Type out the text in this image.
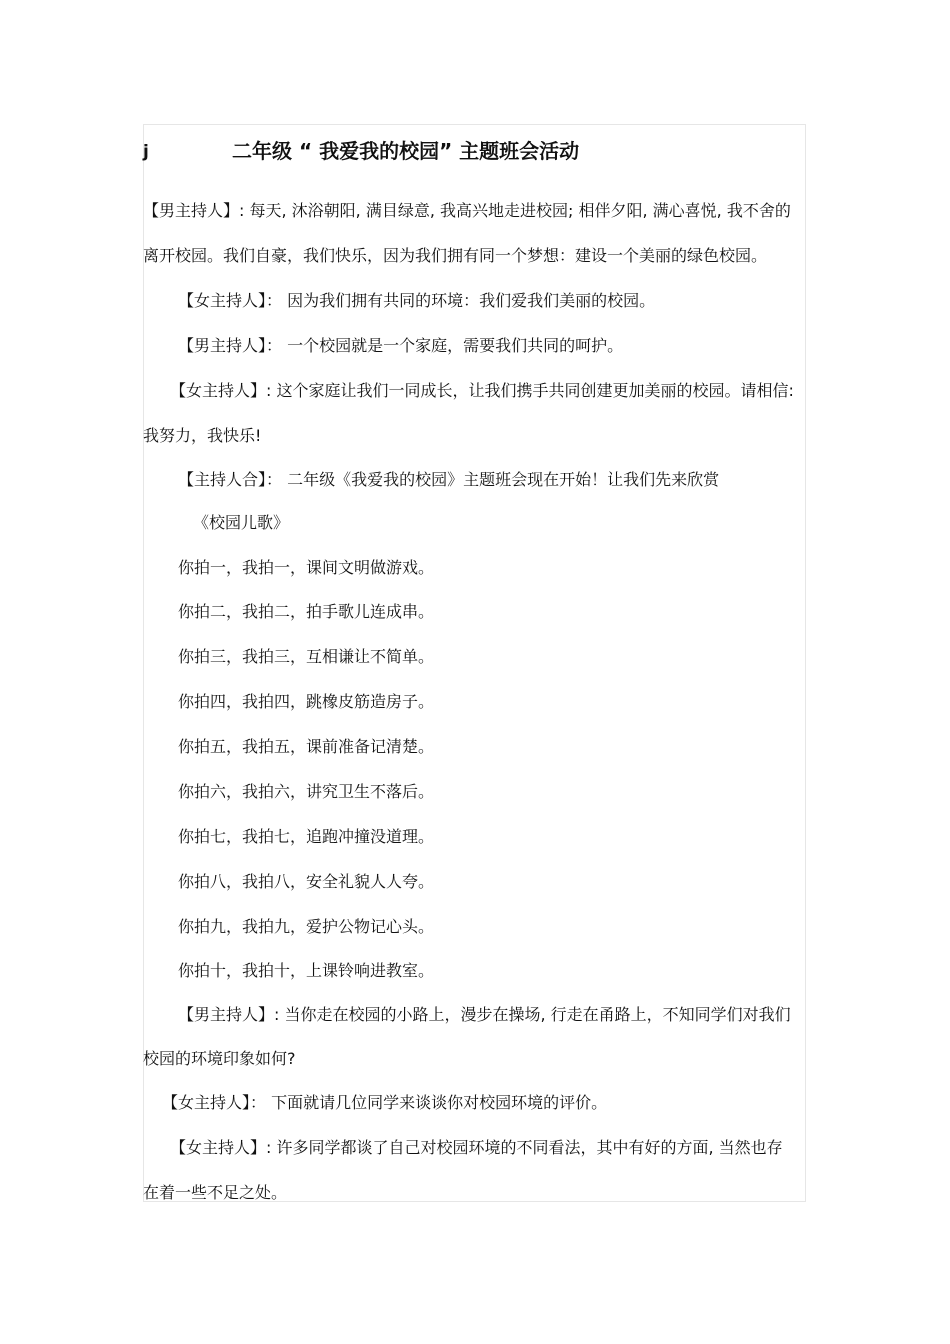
j	二年级 “ 我爱我的校园” 主题班会活动
【男主持人】: 每天, 沐浴朝阳, 满目绿意, 我高兴地走进校园; 相伴夕阳, 满心喜悦, 我不舍的
离开校园。我们自豪，我们快乐，因为我们拥有同一个梦想：建设一个美丽的绿色校园。
【女主持人】： 因为我们拥有共同的环境：我们爱我们美丽的校园。
【男主持人】： 一个校园就是一个家庭，需要我们共同的呵护。
【女主持人】: 这个家庭让我们一同成长，让我们携手共同创建更加美丽的校园。请相信:
我努力，我快乐!
【主持人合】： 二年级《我爱我的校园》主题班会现在开始！让我们先来欣赏
《校园儿歌》
你拍一，我拍一，课间文明做游戏。
你拍二，我拍二，拍手歌儿连成串。
你拍三，我拍三，互相谦让不简单。
你拍四，我拍四，跳橡皮筋造房子。
你拍五，我拍五，课前准备记清楚。
你拍六，我拍六，讲究卫生不落后。
你拍七，我拍七，追跑冲撞没道理。
你拍八，我拍八，安全礼貌人人夸。
你拍九，我拍九，爱护公物记心头。
你拍十，我拍十，上课铃响进教室。
【男主持人】: 当你走在校园的小路上，漫步在操场, 行走在甬路上，不知同学们对我们
校园的环境印象如何?
【女主持人】： 下面就请几位同学来谈谈你对校园环境的评价。
【女主持人】: 许多同学都谈了自己对校园环境的不同看法，其中有好的方面, 当然也存
在着一些不足之处。
